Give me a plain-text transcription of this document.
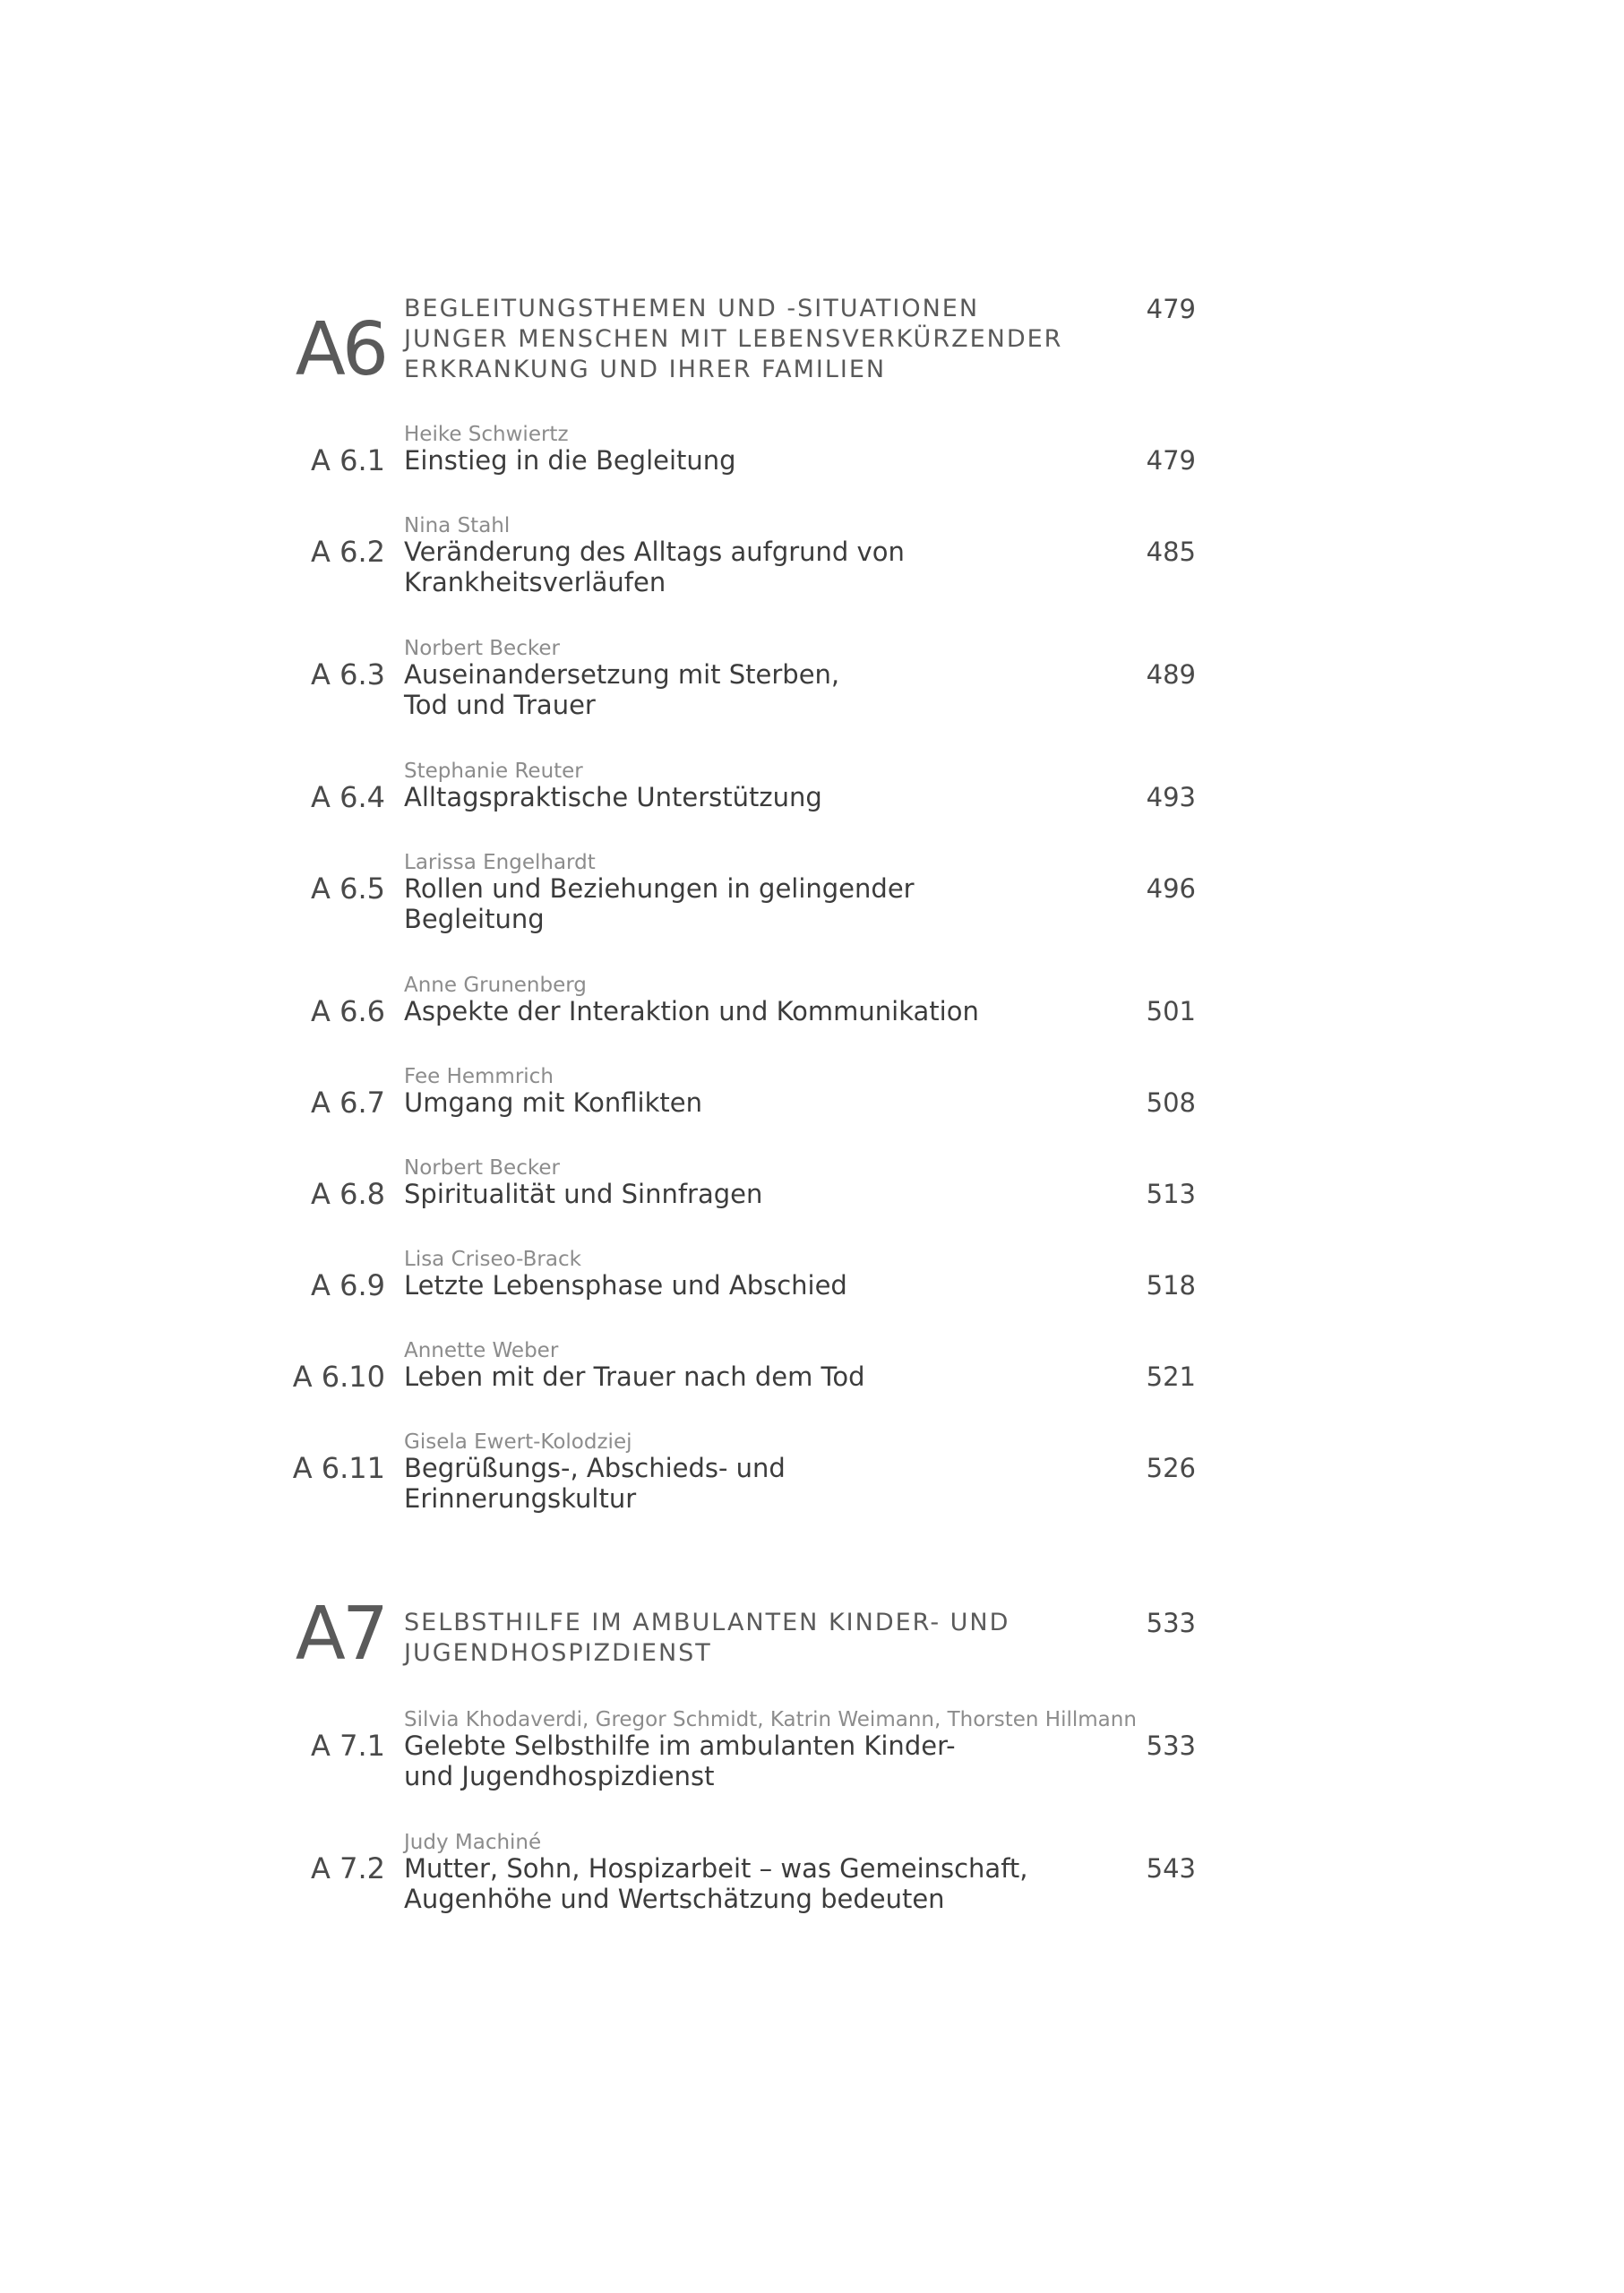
A6 BEGLEITUNGSTHEMEN UND -SITUATIONEN
JUNGER MENSCHEN MIT LEBENSVERKÜRZENDER
ERKRANKUNG UND IHRER FAMILIEN
479
Heike Schwiertz
A 6.1 Einstieg in die Begleitung	479
Nina Stahl
A 6.2 Veränderung des Alltags aufgrund von
Krankheitsverläufen
485
Norbert Becker
A 6.3 Auseinandersetzung mit Sterben,
Tod und Trauer
489
Stephanie Reuter
A 6.4 Alltagspraktische Unterstützung	493
Larissa Engelhardt
A 6.5 Rollen und Beziehungen in gelingender
Begleitung
496
Anne Grunenberg
A 6.6 Aspekte der Interaktion und Kommunikation	501
Fee Hemmrich
A 6.7 Umgang mit Konflikten	508
Norbert Becker
A 6.8 Spiritualität und Sinnfragen	513
Lisa Criseo-Brack
A 6.9 Letzte Lebensphase und Abschied	518
Annette Weber
A 6.10 Leben mit der Trauer nach dem Tod	521
Gisela Ewert-Kolodziej
A 6.11 Begrüßungs-, Abschieds- und
Erinnerungskultur
526
A7 SELBSTHILFE IM AMBULANTEN KINDER- UND
JUGENDHOSPIZDIENST
533
Silvia Khodaverdi, Gregor Schmidt, Katrin Weimann, Thorsten Hillmann
A 7.1 Gelebte Selbsthilfe im ambulanten Kinder-
und Jugendhospizdienst
533
Judy Machiné
A 7.2 Mutter, Sohn, Hospizarbeit – was Gemeinschaft,
Augenhöhe und Wertschätzung bedeuten
543
